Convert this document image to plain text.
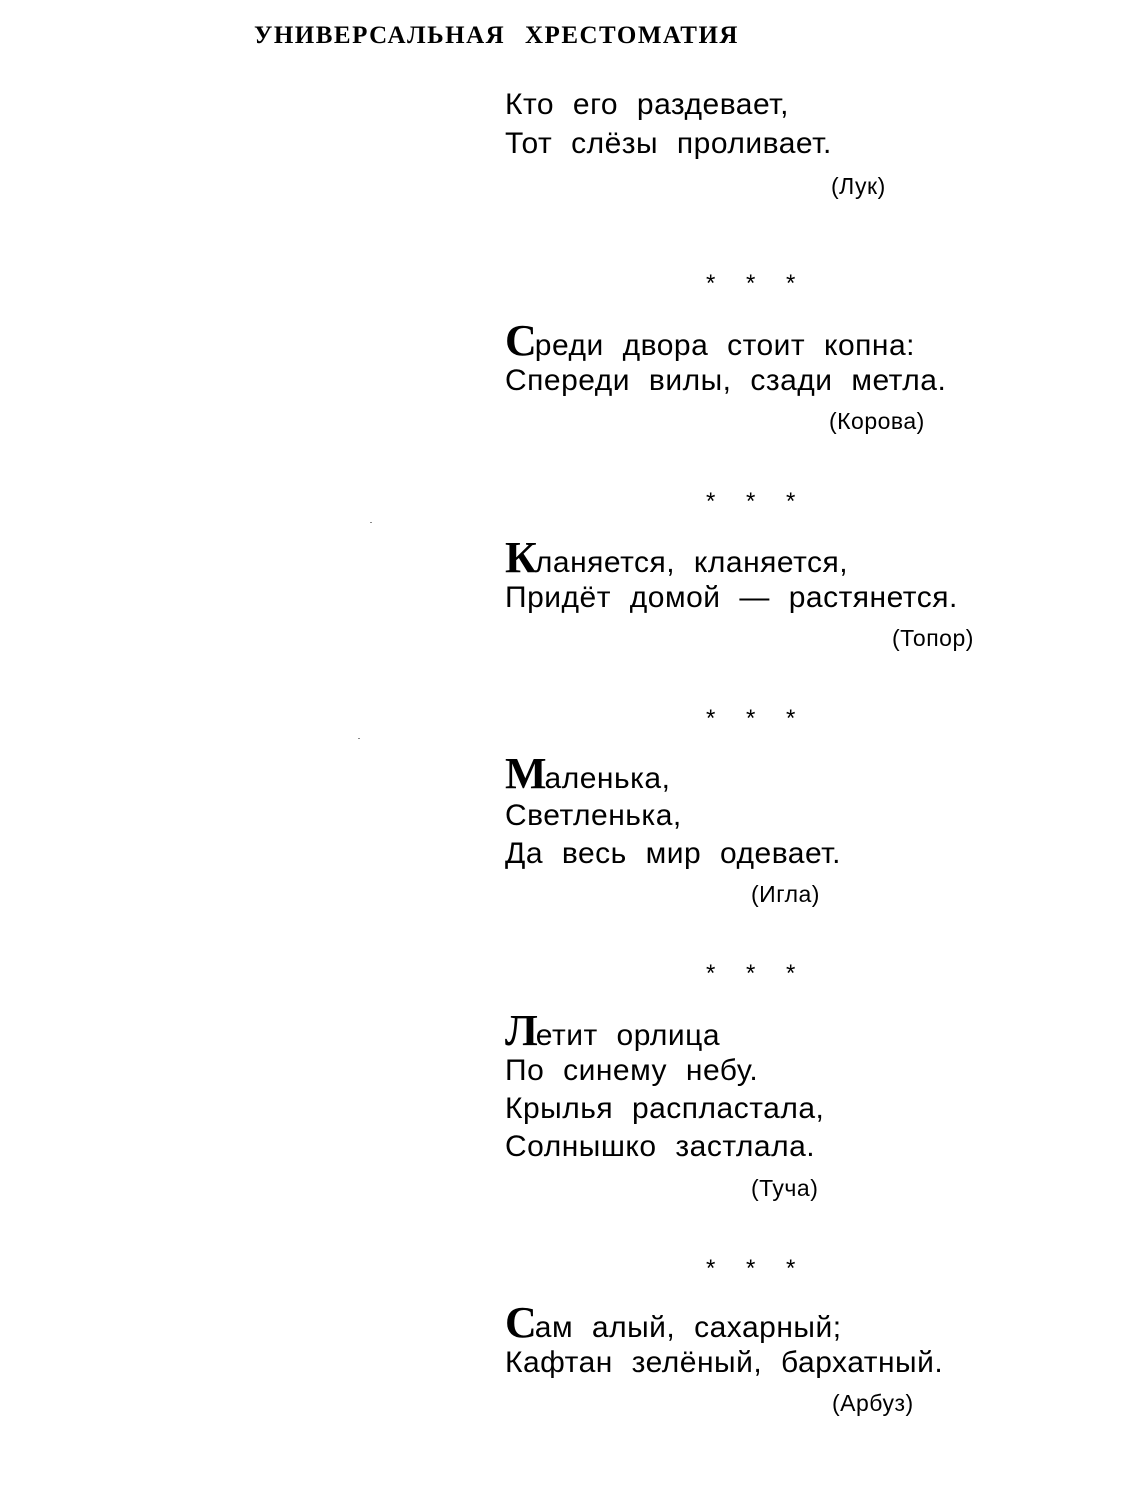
УНИВЕРСАЛЬНАЯ ХРЕСТОМАТИЯ
Кто его раздевает,
Тот слёзы проливает.
(Лук)
* * *
Среди двора стоит копна:
Спереди вилы, сзади метла.
(Корова)
* * *
Кланяется, кланяется,
Придёт домой — растянется.
(Топор)
* * *
Маленька,
Светленька,
Да весь мир одевает.
(Игла)
* * *
Летит орлица
По синему небу.
Крылья распластала,
Солнышко застлала.
(Туча)
* * *
Сам алый, сахарный;
Кафтан зелёный, бархатный.
(Арбуз)
